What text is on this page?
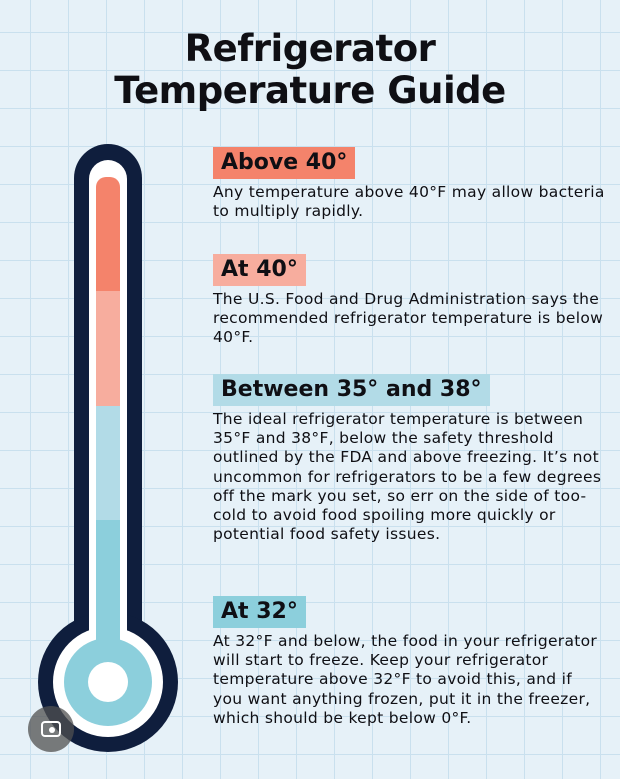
Refrigerator
Temperature Guide
Above 40°
Any temperature above 40°F may allow bacteria to multiply rapidly.
At 40°
The U.S. Food and Drug Administration says the recommended refrigerator temperature is below 40°F.
Between 35° and 38°
The ideal refrigerator temperature is between 35°F and 38°F, below the safety threshold outlined by the FDA and above freezing. It’s not uncommon for refrigerators to be a few degrees off the mark you set, so err on the side of too-cold to avoid food spoiling more quickly or potential food safety issues.
At 32°
At 32°F and below, the food in your refrigerator will start to freeze. Keep your refrigerator temperature above 32°F to avoid this, and if you want anything frozen, put it in the freezer, which should be kept below 0°F.
